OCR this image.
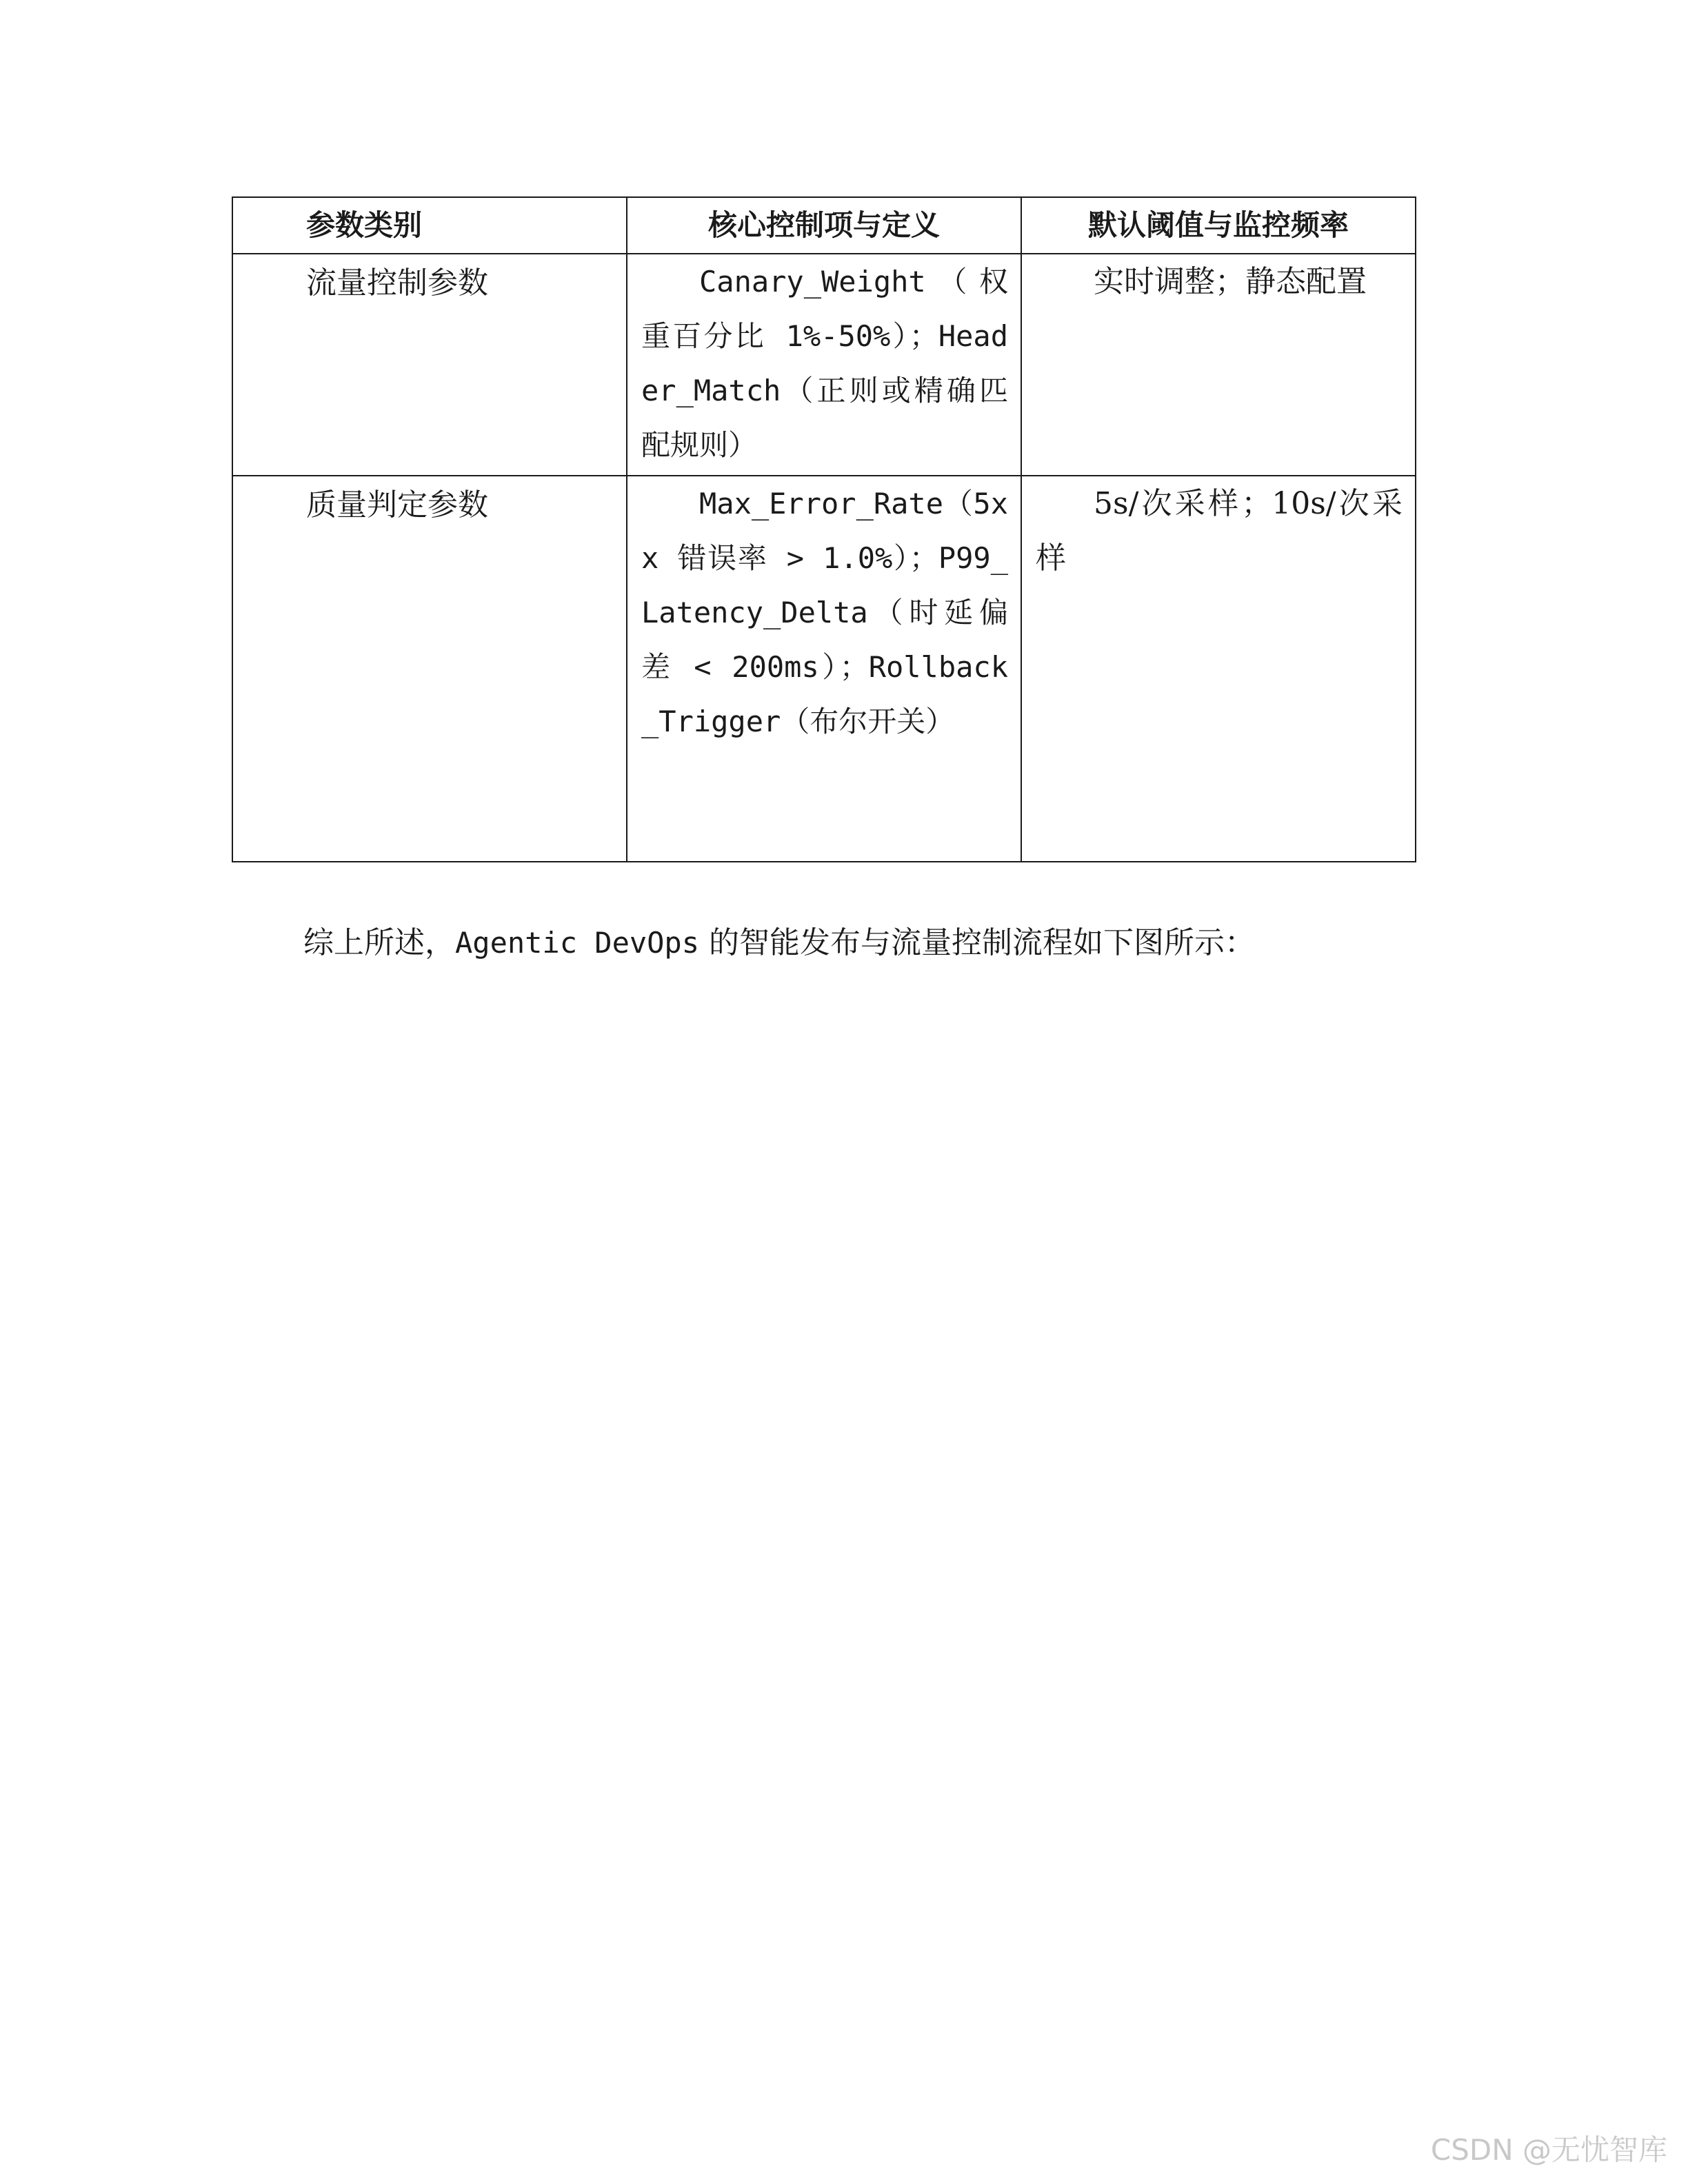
参数类别	核心控制项与定义	默认阈值与监控频率
流量控制参数	Canary_Weight（权重百分比 1%-50%）；Header_Match（正则或精确匹配规则）	实时调整；静态配置
质量判定参数	Max_Error_Rate（5xx 错误率 > 1.0%）；P99_Latency_Delta（时延偏差 < 200ms）；Rollback_Trigger（布尔开关）	5s/次采样；10s/次采样

综上所述，Agentic DevOps 的智能发布与流量控制流程如下图所示：

CSDN @无忧智库
